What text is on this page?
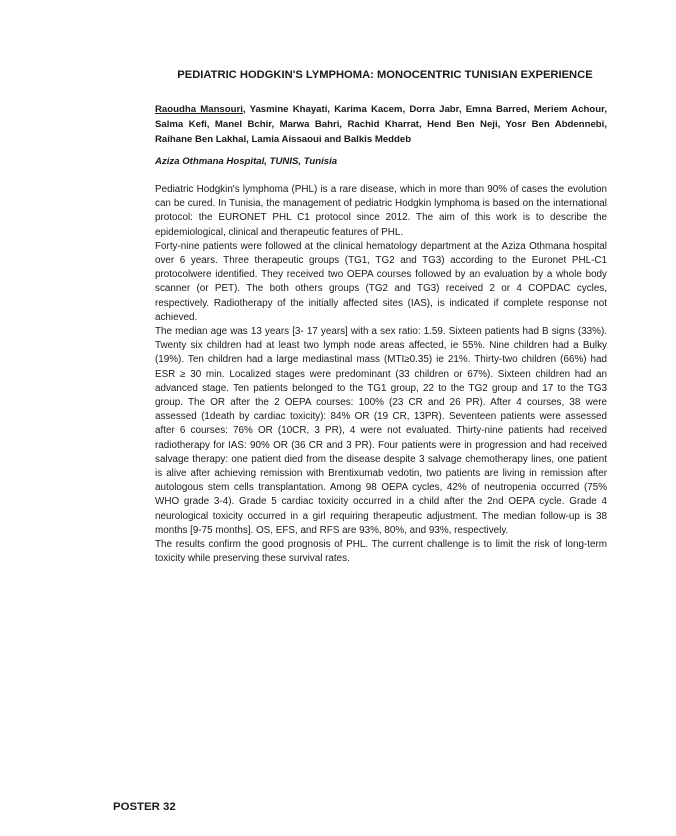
PEDIATRIC HODGKIN'S LYMPHOMA: MONOCENTRIC TUNISIAN EXPERIENCE

Raoudha Mansouri, Yasmine Khayati, Karima Kacem, Dorra Jabr, Emna Barred, Meriem Achour, Salma Kefi, Manel Bchir, Marwa Bahri, Rachid Kharrat, Hend Ben Neji, Yosr Ben Abdennebi, Raihane Ben Lakhal, Lamia Aissaoui and Balkis Meddeb

Aziza Othmana Hospital, TUNIS, Tunisia

Pediatric Hodgkin's lymphoma (PHL) is a rare disease, which in more than 90% of cases the evolution can be cured. In Tunisia, the management of pediatric Hodgkin lymphoma is based on the international protocol: the EURONET PHL C1 protocol since 2012. The aim of this work is to describe the epidemiological, clinical and therapeutic features of PHL.

Forty-nine patients were followed at the clinical hematology department at the Aziza Othmana hospital over 6 years. Three therapeutic groups (TG1, TG2 and TG3) according to the Euronet PHL-C1 protocolwere identified. They received two OEPA courses followed by an evaluation by a whole body scanner (or PET). The both others groups (TG2 and TG3) received 2 or 4 COPDAC cycles, respectively. Radiotherapy of the initially affected sites (IAS), is indicated if complete response not achieved.

The median age was 13 years [3- 17 years] with a sex ratio: 1.59. Sixteen patients had B signs (33%). Twenty six children had at least two lymph node areas affected, ie 55%. Nine children had a Bulky (19%). Ten children had a large mediastinal mass (MTI≥0.35) ie 21%. Thirty-two children (66%) had ESR ≥ 30 min. Localized stages were predominant (33 children or 67%). Sixteen children had an advanced stage. Ten patients belonged to the TG1 group, 22 to the TG2 group and 17 to the TG3 group. The OR after the 2 OEPA courses: 100% (23 CR and 26 PR). After 4 courses, 38 were assessed (1death by cardiac toxicity): 84% OR (19 CR, 13PR). Seventeen patients were assessed after 6 courses: 76% OR (10CR, 3 PR), 4 were not evaluated. Thirty-nine patients had received radiotherapy for IAS: 90% OR (36 CR and 3 PR). Four patients were in progression and had received salvage therapy: one patient died from the disease despite 3 salvage chemotherapy lines, one patient is alive after achieving remission with Brentixumab vedotin, two patients are living in remission after autologous stem cells transplantation. Among 98 OEPA cycles, 42% of neutropenia occurred (75% WHO grade 3-4). Grade 5 cardiac toxicity occurred in a child after the 2nd OEPA cycle. Grade 4 neurological toxicity occurred in a girl requiring therapeutic adjustment. The median follow-up is 38 months [9-75 months]. OS, EFS, and RFS are 93%, 80%, and 93%, respectively.

The results confirm the good prognosis of PHL. The current challenge is to limit the risk of long-term toxicity while preserving these survival rates.

POSTER 32
